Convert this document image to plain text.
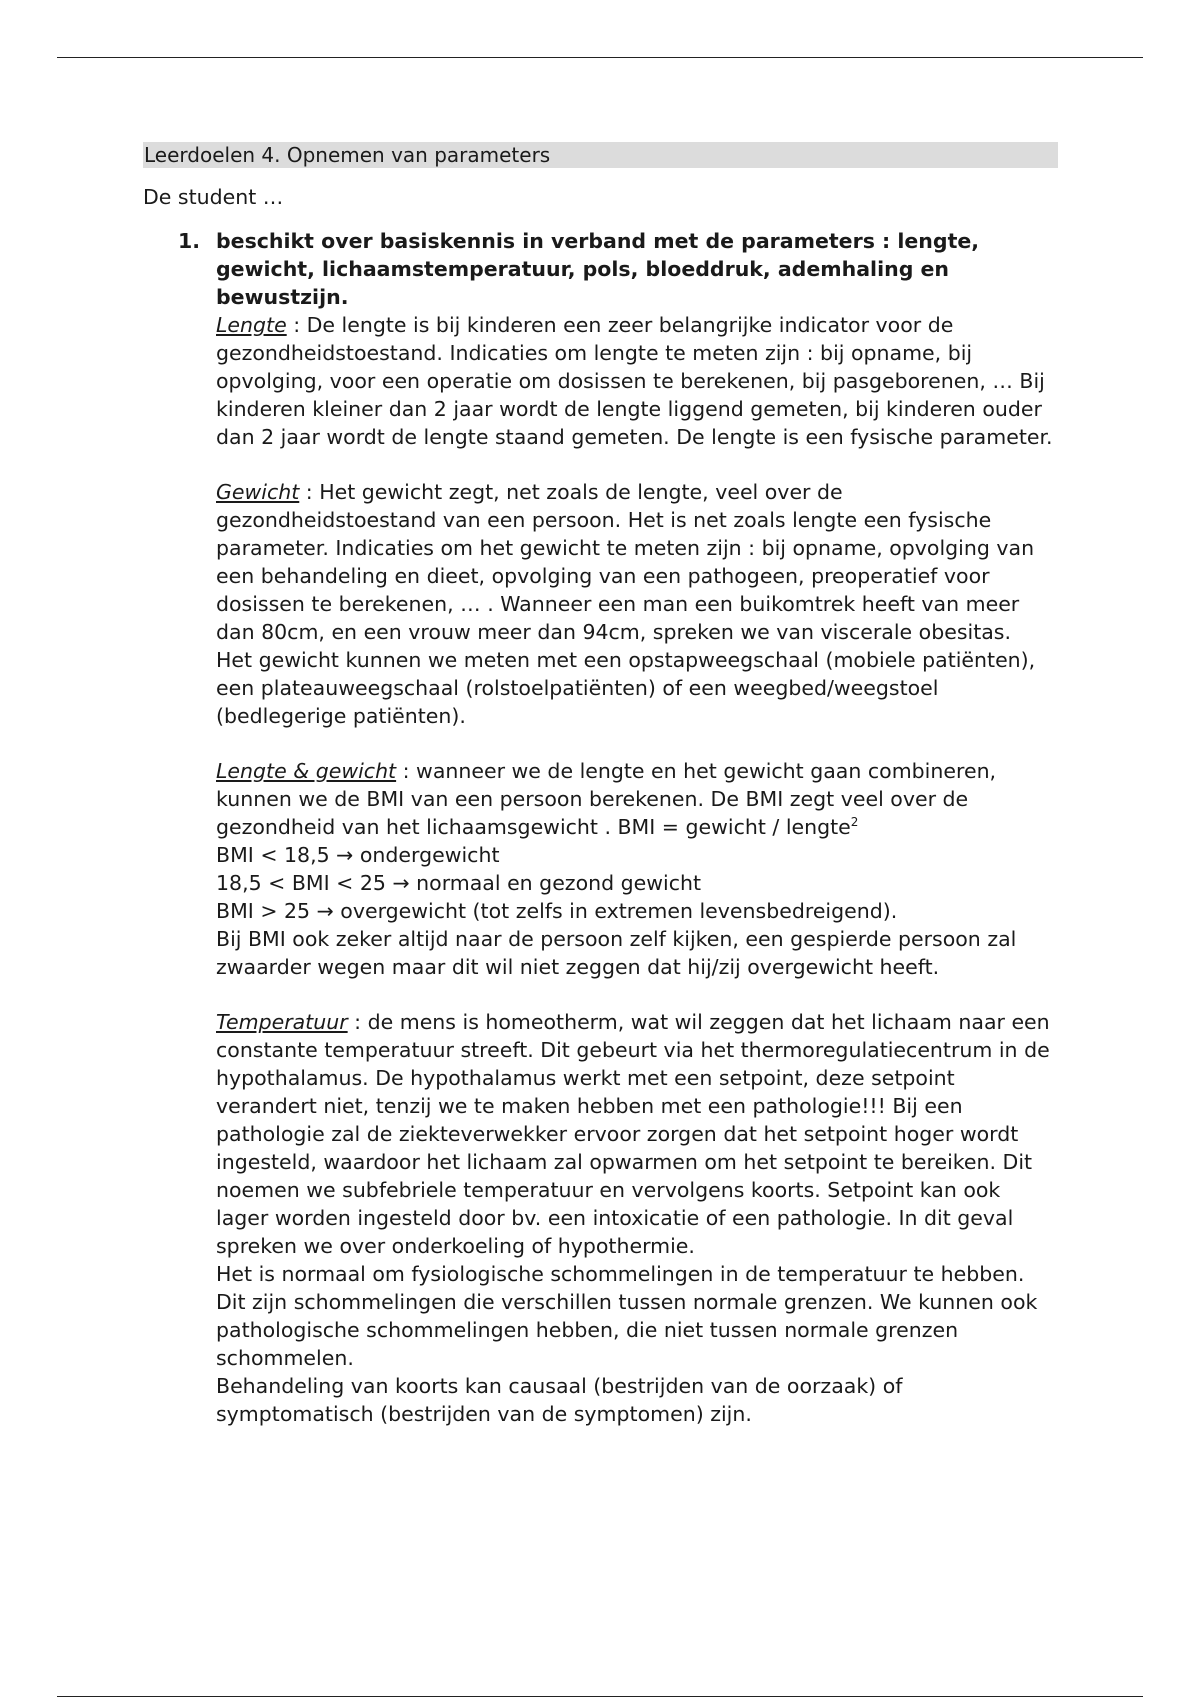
Leerdoelen 4. Opnemen van parameters
De student …
1. beschikt over basiskennis in verband met de parameters : lengte, gewicht, lichaamstemperatuur, pols, bloeddruk, ademhaling en bewustzijn.

Lengte : De lengte is bij kinderen een zeer belangrijke indicator voor de gezondheidstoestand. Indicaties om lengte te meten zijn : bij opname, bij opvolging, voor een operatie om dosissen te berekenen, bij pasgeborenen, … Bij kinderen kleiner dan 2 jaar wordt de lengte liggend gemeten, bij kinderen ouder dan 2 jaar wordt de lengte staand gemeten. De lengte is een fysische parameter.

Gewicht : Het gewicht zegt, net zoals de lengte, veel over de gezondheidstoestand van een persoon. Het is net zoals lengte een fysische parameter. Indicaties om het gewicht te meten zijn : bij opname, opvolging van een behandeling en dieet, opvolging van een pathogeen, preoperatief voor dosissen te berekenen, … . Wanneer een man een buikomtrek heeft van meer dan 80cm, en een vrouw meer dan 94cm, spreken we van viscerale obesitas.

Het gewicht kunnen we meten met een opstapweegschaal (mobiele patiënten), een plateauweegschaal (rolstoelpatiënten) of een weegbed/weegstoel (bedlegerige patiënten).

Lengte & gewicht : wanneer we de lengte en het gewicht gaan combineren, kunnen we de BMI van een persoon berekenen. De BMI zegt veel over de gezondheid van het lichaamsgewicht . BMI = gewicht / lengte$^2$

BMI < 18,5 → ondergewicht

18,5 < BMI < 25 → normaal en gezond gewicht

BMI > 25 → overgewicht (tot zelfs in extremen levensbedreigend).

Bij BMI ook zeker altijd naar de persoon zelf kijken, een gespierde persoon zal zwaarder wegen maar dit wil niet zeggen dat hij/zij overgewicht heeft.

Temperatuur : de mens is homeotherm, wat wil zeggen dat het lichaam naar een constante temperatuur streeft. Dit gebeurt via het thermoregulatiecentrum in de hypothalamus. De hypothalamus werkt met een setpoint, deze setpoint verandert niet, tenzij we te maken hebben met een pathologie!!! Bij een pathologie zal de ziekteverwekker ervoor zorgen dat het setpoint hoger wordt ingesteld, waardoor het lichaam zal opwarmen om het setpoint te bereiken. Dit noemen we subfebriele temperatuur en vervolgens koorts. Setpoint kan ook lager worden ingesteld door bv. een intoxicatie of een pathologie. In dit geval spreken we over onderkoeling of hypothermie.

Het is normaal om fysiologische schommelingen in de temperatuur te hebben. Dit zijn schommelingen die verschillen tussen normale grenzen. We kunnen ook pathologische schommelingen hebben, die niet tussen normale grenzen schommelen.

Behandeling van koorts kan causaal (bestrijden van de oorzaak) of symptomatisch (bestrijden van de symptomen) zijn.
